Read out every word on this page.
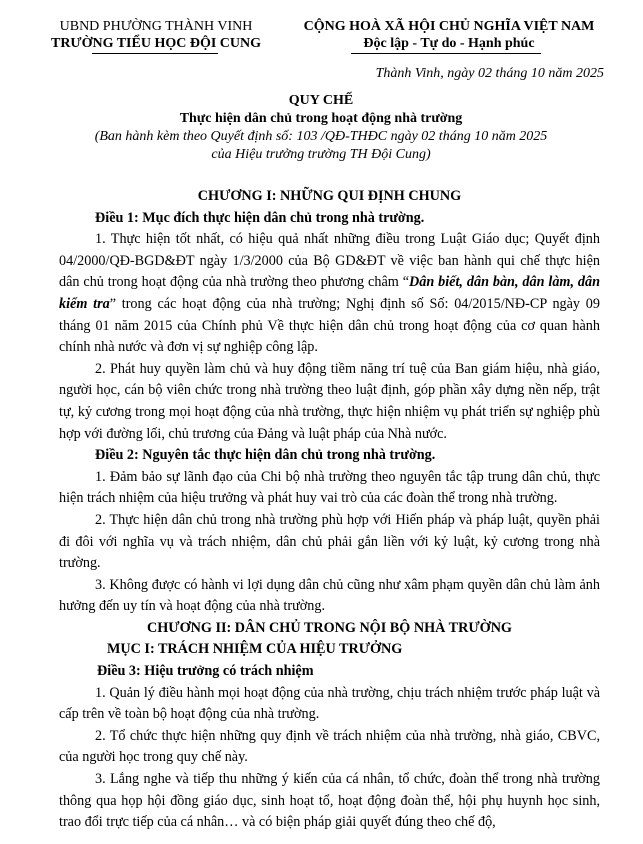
UBND PHƯỜNG THÀNH VINH
TRƯỜNG TIỂU HỌC ĐỘI CUNG
CỘNG HOÀ XÃ HỘI CHỦ NGHĨA VIỆT NAM
Độc lập - Tự do - Hạnh phúc
Thành Vinh, ngày 02 tháng 10 năm 2025
QUY CHẾ
Thực hiện dân chủ trong hoạt động nhà trường
(Ban hành kèm theo Quyết định số: 103 /QĐ-THĐC ngày 02 tháng 10 năm 2025
của Hiệu trưởng trường TH Đội Cung)

CHƯƠNG I: NHỮNG QUI ĐỊNH CHUNG

Điều 1: Mục đích thực hiện dân chủ trong nhà trường.

1. Thực hiện tốt nhất, có hiệu quả nhất những điều trong Luật Giáo dục; Quyết định 04/2000/QĐ-BGD&ĐT ngày 1/3/2000 của Bộ GD&ĐT về việc ban hành qui chế thực hiện dân chủ trong hoạt động của nhà trường theo phương châm “Dân biết, dân bàn, dân làm, dân kiểm tra” trong các hoạt động của nhà trường; Nghị định số Số: 04/2015/NĐ-CP ngày 09 tháng 01 năm 2015 của Chính phủ Về thực hiện dân chủ trong hoạt động của cơ quan hành chính nhà nước và đơn vị sự nghiệp công lập.

2. Phát huy quyền làm chủ và huy động tiềm năng trí tuệ của Ban giám hiệu, nhà giáo, người học, cán bộ viên chức trong nhà trường theo luật định, góp phần xây dựng nền nếp, trật tự, kỷ cương trong mọi hoạt động của nhà trường, thực hiện nhiệm vụ phát triển sự nghiệp phù hợp với đường lối, chủ trương của Đảng và luật pháp của Nhà nước.

Điều 2: Nguyên tắc thực hiện dân chủ trong nhà trường.

1. Đảm bảo sự lãnh đạo của Chi bộ nhà trường theo nguyên tắc tập trung dân chủ, thực hiện trách nhiệm của hiệu trưởng và phát huy vai trò của các đoàn thể trong nhà trường.

2. Thực hiện dân chủ trong nhà trường phù hợp với Hiến pháp và pháp luật, quyền phải đi đôi với nghĩa vụ và trách nhiệm, dân chủ phải gắn liền với kỷ luật, kỷ cương trong nhà trường.

3. Không được có hành vi lợi dụng dân chủ cũng như xâm phạm quyền dân chủ làm ảnh hưởng đến uy tín và hoạt động của nhà trường.

CHƯƠNG II: DÂN CHỦ TRONG NỘI BỘ NHÀ TRƯỜNG

MỤC I: TRÁCH NHIỆM CỦA HIỆU TRƯỞNG

Điều 3: Hiệu trưởng có trách nhiệm

1. Quản lý điều hành mọi hoạt động của nhà trường, chịu trách nhiệm trước pháp luật và cấp trên về toàn bộ hoạt động của nhà trường.

2. Tổ chức thực hiện những quy định về trách nhiệm của nhà trường, nhà giáo, CBVC, của người học trong quy chế này.

3. Lắng nghe và tiếp thu những ý kiến của cá nhân, tổ chức, đoàn thể trong nhà trường thông qua họp hội đồng giáo dục, sinh hoạt tổ, hoạt động đoàn thể, hội phụ huynh học sinh, trao đổi trực tiếp của cá nhân… và có biện pháp giải quyết đúng theo chế độ,
